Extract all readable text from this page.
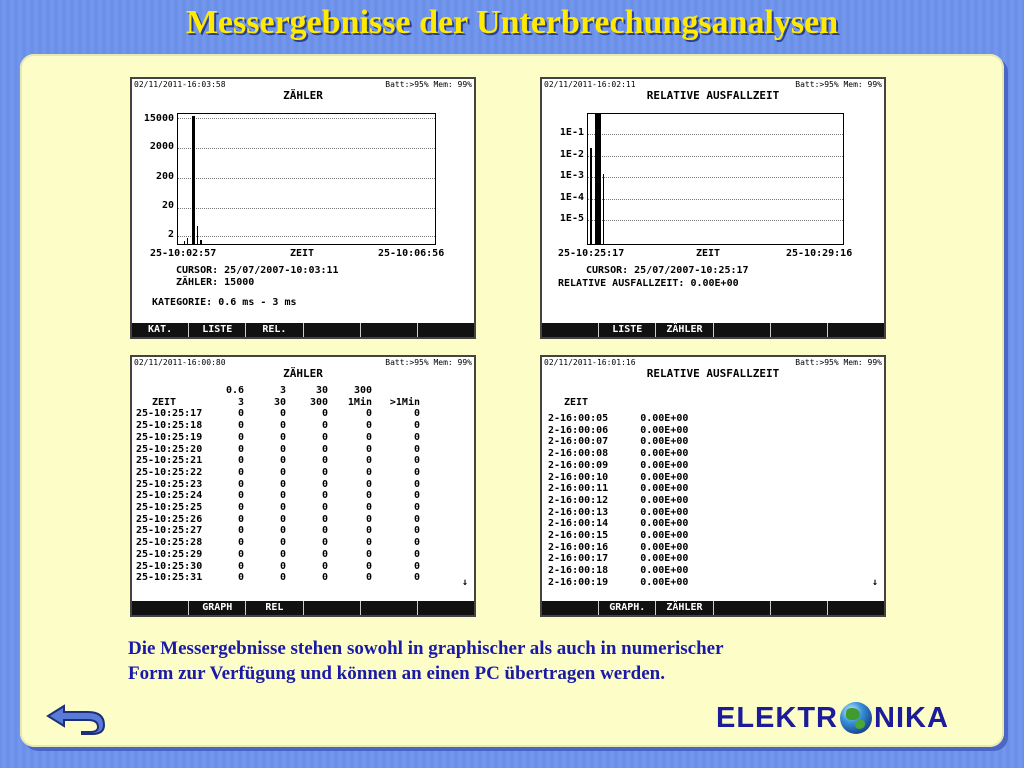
Messergebnisse der Unterbrechungsanalysen
02/11/2011-16:03:58	Batt:>95% Mem: 99%
ZÄHLER
15000
2000
200
20
2
25-10:02:57	ZEIT	25-10:06:56
CURSOR: 25/07/2007-10:03:11
ZÄHLER: 15000
KATEGORIE: 0.6 ms - 3 ms
KAT.	LISTE	REL.
02/11/2011-16:02:11	Batt:>95% Mem: 99%
RELATIVE AUSFALLZEIT
1E-1
1E-2
1E-3
1E-4
1E-5
25-10:25:17	ZEIT	25-10:29:16
CURSOR: 25/07/2007-10:25:17
RELATIVE AUSFALLZEIT: 0.00E+00
LISTE	ZÄHLER
02/11/2011-16:00:80	Batt:>95% Mem: 99%
ZÄHLER
	0.6	3	30	300	
ZEIT	3	30	300	1Min	>1Min
25-10:25:17	0	0	0	0	0
25-10:25:18	0	0	0	0	0
25-10:25:19	0	0	0	0	0
25-10:25:20	0	0	0	0	0
25-10:25:21	0	0	0	0	0
25-10:25:22	0	0	0	0	0
25-10:25:23	0	0	0	0	0
25-10:25:24	0	0	0	0	0
25-10:25:25	0	0	0	0	0
25-10:25:26	0	0	0	0	0
25-10:25:27	0	0	0	0	0
25-10:25:28	0	0	0	0	0
25-10:25:29	0	0	0	0	0
25-10:25:30	0	0	0	0	0
25-10:25:31	0	0	0	0	0	↓
GRAPH	REL
02/11/2011-16:01:16	Batt:>95% Mem: 99%
RELATIVE AUSFALLZEIT
ZEIT
2-16:00:05	0.00E+00
2-16:00:06	0.00E+00
2-16:00:07	0.00E+00
2-16:00:08	0.00E+00
2-16:00:09	0.00E+00
2-16:00:10	0.00E+00
2-16:00:11	0.00E+00
2-16:00:12	0.00E+00
2-16:00:13	0.00E+00
2-16:00:14	0.00E+00
2-16:00:15	0.00E+00
2-16:00:16	0.00E+00
2-16:00:17	0.00E+00
2-16:00:18	0.00E+00
2-16:00:19	0.00E+00	↓
GRAPH.	ZÄHLER
Die Messergebnisse stehen sowohl in graphischer als auch in numerischer
Form zur Verfügung und können an einen PC übertragen werden.
ELEKTR NIKA
